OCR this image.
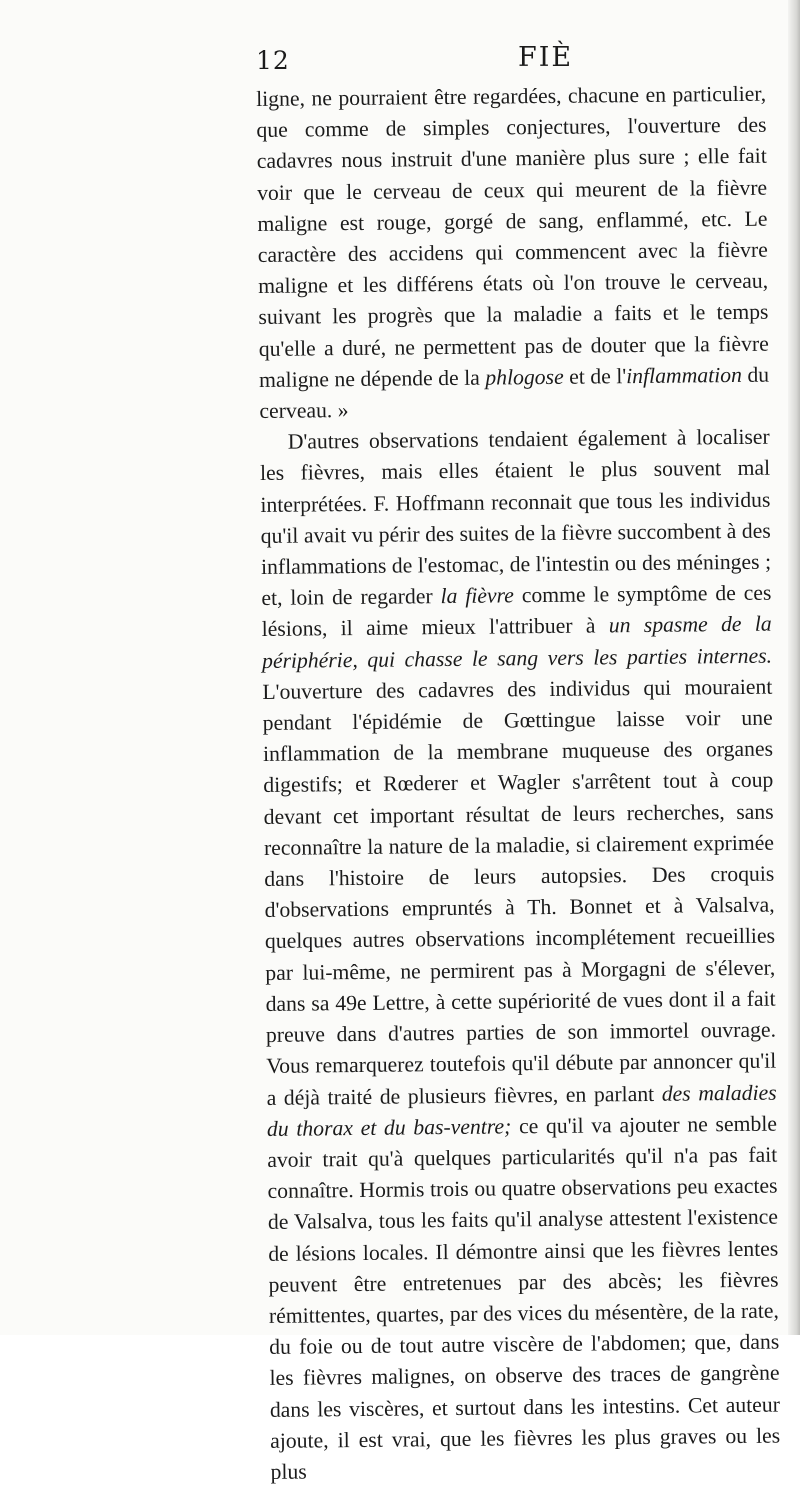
12	FIÈ

ligne, ne pourraient être regardées, chacune en particulier, que comme de simples conjectures, l'ouverture des cadavres nous instruit d'une manière plus sure ; elle fait voir que le cerveau de ceux qui meurent de la fièvre maligne est rouge, gorgé de sang, enflammé, etc. Le caractère des accidens qui commencent avec la fièvre maligne et les différens états où l'on trouve le cerveau, suivant les progrès que la maladie a faits et le temps qu'elle a duré, ne permettent pas de douter que la fièvre maligne ne dépende de la phlogose et de l'inflammation du cerveau. »

D'autres observations tendaient également à localiser les fièvres, mais elles étaient le plus souvent mal interprétées. F. Hoffmann reconnait que tous les individus qu'il avait vu périr des suites de la fièvre succombent à des inflammations de l'estomac, de l'intestin ou des méninges ; et, loin de regarder la fièvre comme le symptôme de ces lésions, il aime mieux l'attribuer à un spasme de la périphérie, qui chasse le sang vers les parties internes. L'ouverture des cadavres des individus qui mouraient pendant l'épidémie de Gœttingue laisse voir une inflammation de la membrane muqueuse des organes digestifs; et Rœderer et Wagler s'arrêtent tout à coup devant cet important résultat de leurs recherches, sans reconnaître la nature de la maladie, si clairement exprimée dans l'histoire de leurs autopsies. Des croquis d'observations empruntés à Th. Bonnet et à Valsalva, quelques autres observations incomplétement recueillies par lui-même, ne permirent pas à Morgagni de s'élever, dans sa 49e Lettre, à cette supériorité de vues dont il a fait preuve dans d'autres parties de son immortel ouvrage. Vous remarquerez toutefois qu'il débute par annoncer qu'il a déjà traité de plusieurs fièvres, en parlant des maladies du thorax et du bas-ventre; ce qu'il va ajouter ne semble avoir trait qu'à quelques particularités qu'il n'a pas fait connaître. Hormis trois ou quatre observations peu exactes de Valsalva, tous les faits qu'il analyse attestent l'existence de lésions locales. Il démontre ainsi que les fièvres lentes peuvent être entretenues par des abcès; les fièvres rémittentes, quartes, par des vices du mésentère, de la rate, du foie ou de tout autre viscère de l'abdomen; que, dans les fièvres malignes, on observe des traces de gangrène dans les viscères, et surtout dans les intestins. Cet auteur ajoute, il est vrai, que les fièvres les plus graves ou les plus
